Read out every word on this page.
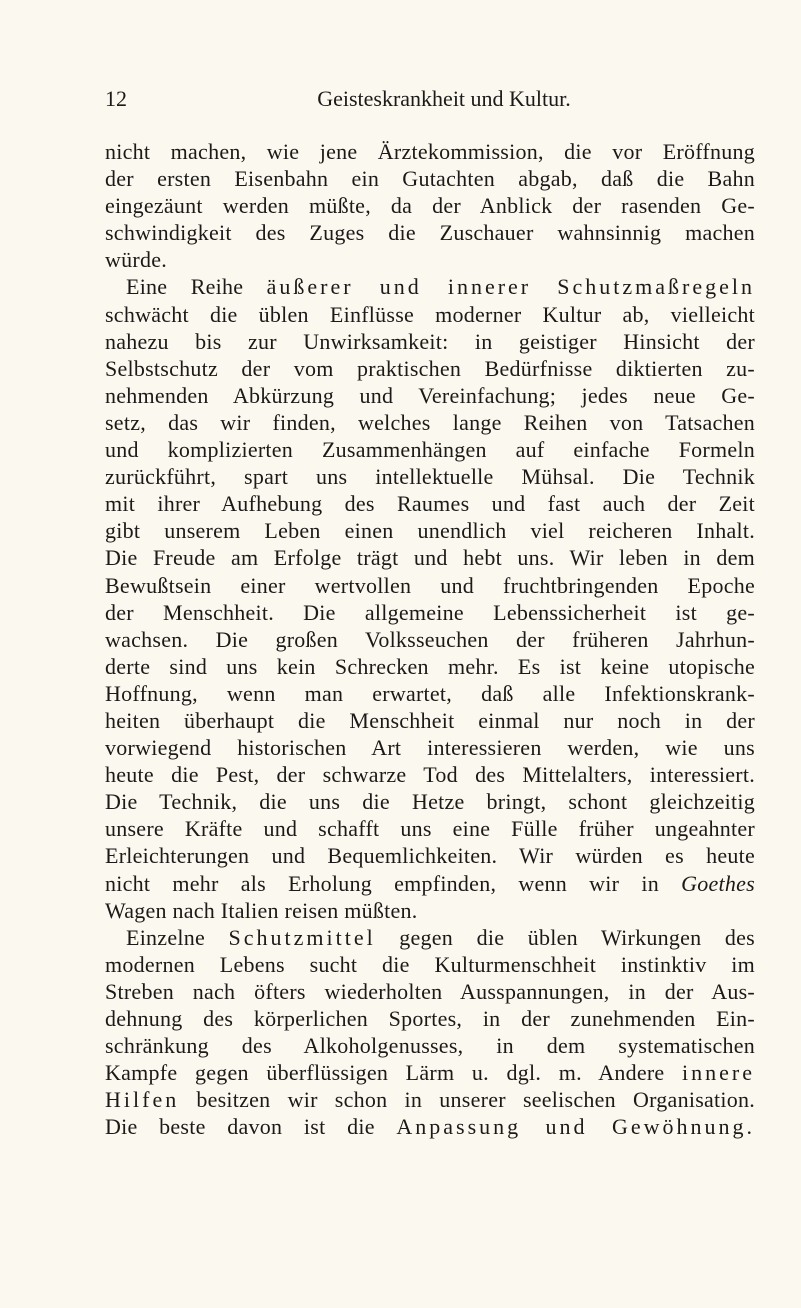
12	Geisteskrankheit und Kultur.
nicht machen, wie jene Ärztekommission, die vor Eröffnung
der ersten Eisenbahn ein Gutachten abgab, daß die Bahn
eingezäunt werden müßte, da der Anblick der rasenden Ge-
schwindigkeit des Zuges die Zuschauer wahnsinnig machen
würde.
Eine Reihe äußerer und innerer Schutzmaßregeln
schwächt die üblen Einflüsse moderner Kultur ab, vielleicht
nahezu bis zur Unwirksamkeit: in geistiger Hinsicht der
Selbstschutz der vom praktischen Bedürfnisse diktierten zu-
nehmenden Abkürzung und Vereinfachung; jedes neue Ge-
setz, das wir finden, welches lange Reihen von Tatsachen
und komplizierten Zusammenhängen auf einfache Formeln
zurückführt, spart uns intellektuelle Mühsal. Die Technik
mit ihrer Aufhebung des Raumes und fast auch der Zeit
gibt unserem Leben einen unendlich viel reicheren Inhalt.
Die Freude am Erfolge trägt und hebt uns. Wir leben in dem
Bewußtsein einer wertvollen und fruchtbringenden Epoche
der Menschheit. Die allgemeine Lebenssicherheit ist ge-
wachsen. Die großen Volksseuchen der früheren Jahrhun-
derte sind uns kein Schrecken mehr. Es ist keine utopische
Hoffnung, wenn man erwartet, daß alle Infektionskrank-
heiten überhaupt die Menschheit einmal nur noch in der
vorwiegend historischen Art interessieren werden, wie uns
heute die Pest, der schwarze Tod des Mittelalters, interessiert.
Die Technik, die uns die Hetze bringt, schont gleichzeitig
unsere Kräfte und schafft uns eine Fülle früher ungeahnter
Erleichterungen und Bequemlichkeiten. Wir würden es heute
nicht mehr als Erholung empfinden, wenn wir in Goethes
Wagen nach Italien reisen müßten.
Einzelne Schutzmittel gegen die üblen Wirkungen des
modernen Lebens sucht die Kulturmenschheit instinktiv im
Streben nach öfters wiederholten Ausspannungen, in der Aus-
dehnung des körperlichen Sportes, in der zunehmenden Ein-
schränkung des Alkoholgenusses, in dem systematischen
Kampfe gegen überflüssigen Lärm u. dgl. m. Andere innere
Hilfen besitzen wir schon in unserer seelischen Organisation.
Die beste davon ist die Anpassung und Gewöhnung.
